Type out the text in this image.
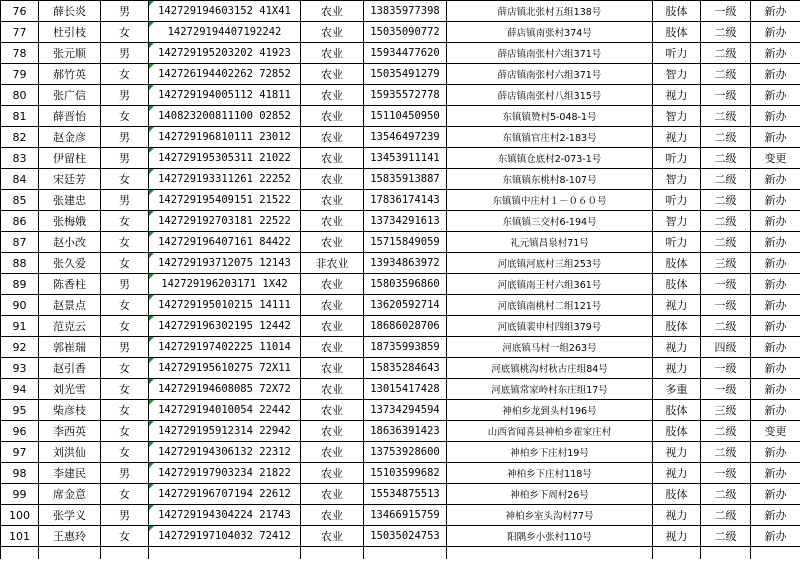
76	薛长炎	男	142729194603152 41X41	农业	13835977398	薛店镇北张村五组138号	肢体	一级	新办
77	杜引枝	女	142729194407192242	农业	15035090772	薛店镇南张村374号	肢体	二级	新办
78	张元顺	男	142729195203202 41923	农业	15934477620	薛店镇南张村六组371号	听力	二级	新办
79	郝竹英	女	142726194402262 72852	农业	15035491279	薛店镇南张村六组371号	智力	二级	新办
80	张广信	男	142729194005112 41811	农业	15935572778	薛店镇南张村八组315号	视力	一级	新办
81	薛晋怡	女	140823200811100 02852	农业	15110450950	东镇镇赞村5-048-1号	智力	二级	新办
82	赵金彦	男	142729196810111 23012	农业	13546497239	东镇镇官庄村2-183号	视力	二级	新办
83	伊留柱	男	142729195305311 21022	农业	13453911141	东镇镇仓底村2-073-1号	听力	二级	变更
84	宋廷芳	女	142729193311261 22252	农业	15835913887	东镇镇东桃村8-107号	智力	二级	新办
85	张建忠	男	142729195409151 21522	农业	17836174143	东镇镇中庄村１－０６０号	听力	二级	新办
86	张梅娥	女	142729192703181 22522	农业	13734291613	东镇镇三交村6-194号	智力	二级	新办
87	赵小改	女	142729196407161 84422	农业	15715849059	礼元镇昌泉村71号	听力	二级	新办
88	张久爱	女	142729193712075 12143	非农业	13934863972	河底镇河底村三组253号	肢体	三级	新办
89	陈香柱	男	142729196203171 1X42	农业	15803596860	河底镇南王村六组361号	肢体	一级	新办
90	赵景点	女	142729195010215 14111	农业	13620592714	河底镇南桃村二组121号	视力	一级	新办
91	范克云	女	142729196302195 12442	农业	18686028706	河底镇裴申村四组379号	肢体	二级	新办
92	郭崔瑞	男	142729197402225 11014	农业	18735993859	河底镇马村一组263号	视力	四级	新办
93	赵引香	女	142729195610275 72X11	农业	15835284643	河底镇桃沟村秋古庄组84号	视力	一级	新办
94	刘光雪	女	142729194608085 72X72	农业	13015417428	河底镇常家岭村东庄组17号	多重	一级	新办
95	柴彦枝	女	142729194010054 22442	农业	13734294594	神柏乡龙到头村196号	肢体	三级	新办
96	李西英	女	142729195912314 22942	农业	18636391423	山西省闻喜县神柏乡霍家庄村	肢体	二级	变更
97	刘洪仙	女	142729194306132 22312	农业	13753928600	神柏乡下庄村19号	视力	二级	新办
98	李建民	男	142729197903234 21822	农业	15103599682	神柏乡下庄村118号	视力	一级	新办
99	席金意	女	142729196707194 22612	农业	15534875513	神柏乡下周村26号	肢体	二级	新办
100	张学义	男	142729194304224 21743	农业	13466915759	神柏乡室头沟村77号	视力	二级	新办
101	王惠玲	女	142729197104032 72412	农业	15035024753	阳隅乡小张村110号	视力	二级	新办
